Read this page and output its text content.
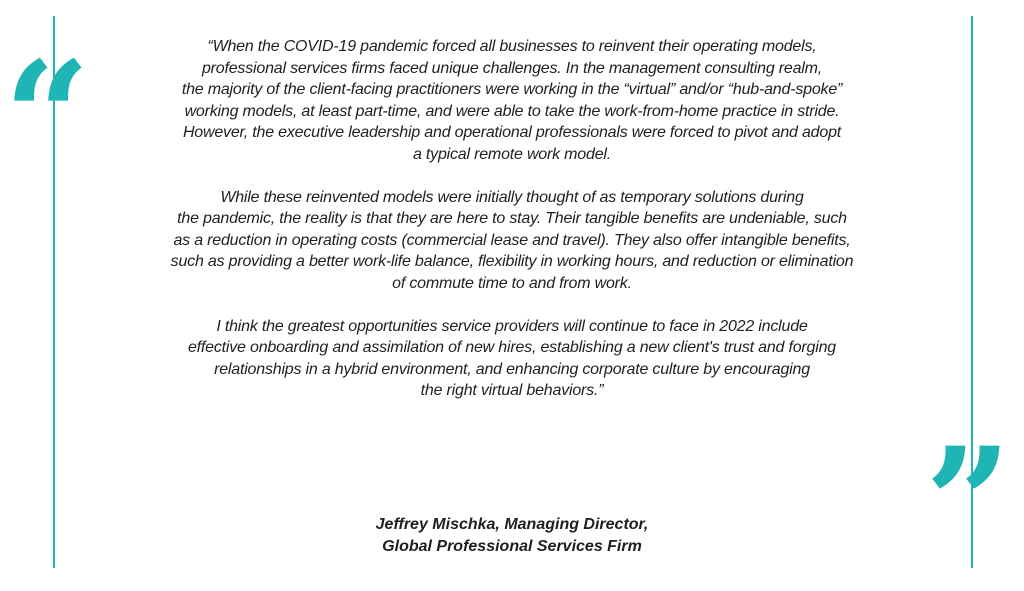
“
”

“When the COVID-19 pandemic forced all businesses to reinvent their operating models,
professional services firms faced unique challenges. In the management consulting realm,
the majority of the client-facing practitioners were working in the “virtual” and/or “hub-and-spoke”
working models, at least part-time, and were able to take the work-from-home practice in stride.
However, the executive leadership and operational professionals were forced to pivot and adopt
a typical remote work model.

While these reinvented models were initially thought of as temporary solutions during
the pandemic, the reality is that they are here to stay. Their tangible benefits are undeniable, such
as a reduction in operating costs (commercial lease and travel). They also offer intangible benefits,
such as providing a better work-life balance, flexibility in working hours, and reduction or elimination
of commute time to and from work.

I think the greatest opportunities service providers will continue to face in 2022 include
effective onboarding and assimilation of new hires, establishing a new client's trust and forging
relationships in a hybrid environment, and enhancing corporate culture by encouraging
the right virtual behaviors.”

Jeffrey Mischka, Managing Director,
Global Professional Services Firm
